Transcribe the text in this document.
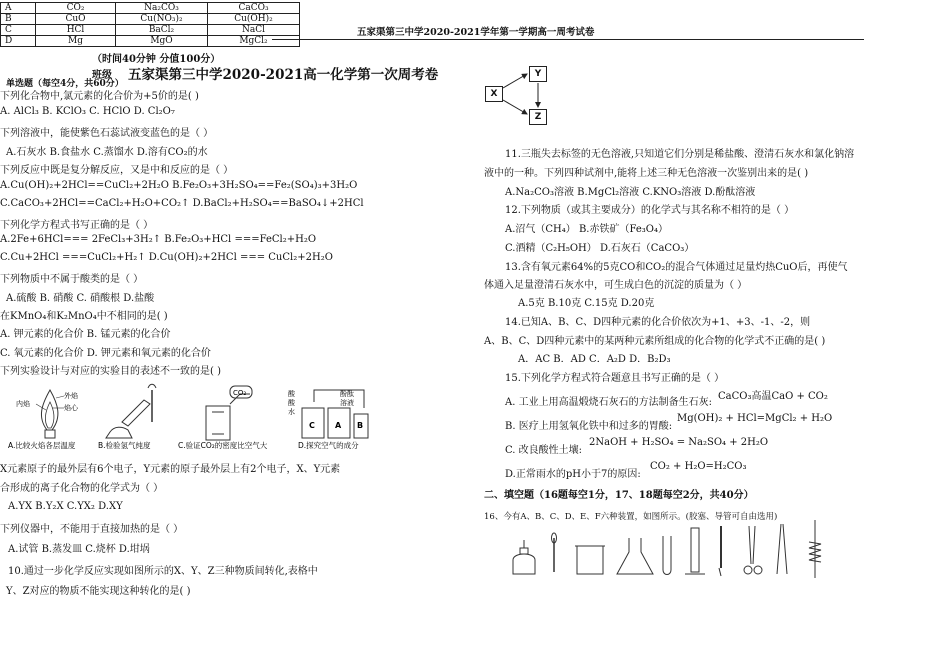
A	CO₂	Na₂CO₃	CaCO₃
B	CuO	Cu(NO₃)₂	Cu(OH)₂
C	HCl	BaCl₂	NaCl
D	Mg	MgO	MgCl₂
五家渠第三中学2020-2021学年第一学期高一周考试卷
（时间40分钟 分值100分）
班级 五家渠第三中学2020-2021高一化学第一次周考卷
单选题（每空4分，共60分）
下列化合物中,氯元素的化合价为+5价的是( )
A. AlCl₃ B. KClO₃ C. HClO D. Cl₂O₇
下列溶液中，能使紫色石蕊试液变蓝色的是（ ）
A.石灰水 B.食盐水 C.蒸馏水 D.溶有CO₂的水
下列反应中既是复分解反应，又是中和反应的是（ ）
A.Cu(OH)₂+2HCl==CuCl₂+2H₂O B.Fe₂O₃+3H₂SO₄==Fe₂(SO₄)₃+3H₂O
C.CaCO₃+2HCl==CaCl₂+H₂O+CO₂↑ D.BaCl₂+H₂SO₄==BaSO₄↓+2HCl
下列化学方程式书写正确的是（ ）
A.2Fe+6HCl=== 2FeCl₃+3H₂↑ B.Fe₂O₃+HCl ===FeCl₂+H₂O
C.Cu+2HCl ===CuCl₂+H₂↑ D.Cu(OH)₂+2HCl === CuCl₂+2H₂O
下列物质中不属于酸类的是（ ）
A.硫酸 B. 硝酸 C. 硝酸根 D.盐酸
在KMnO₄和K₂MnO₄中不相同的是( )
A. 钾元素的化合价 B. 锰元素的化合价
C. 氧元素的化合价 D. 钾元素和氧元素的化合价
下列实验设计与对应的实验目的表述不一致的是( )
外焰
焰心
内焰
CO₂
C	A B
酸
酸
水
酚酞
溶液
A.比较火焰各层温度	B.检验氢气纯度	C.验证CO₂的密度比空气大	D.探究空气的成分
X元素原子的最外层有6个电子，Y元素的原子最外层上有2个电子，X、Y元素
合形成的离子化合物的化学式为（ ）
A.YX B.Y₂X C.YX₂ D.XY
下列仪器中，不能用于直接加热的是（ ）
A.试管 B.蒸发皿 C.烧杯 D.坩埚
10.通过一步化学反应实现如图所示的X、Y、Z三种物质间转化,表格中
Y、Z对应的物质不能实现这种转化的是( )
X
Y
Z
11.三瓶失去标签的无色溶液,只知道它们分别是稀盐酸、澄清石灰水和氯化钠溶
液中的一种。下列四种试剂中,能将上述三种无色溶液一次鉴别出来的是( )
A.Na₂CO₃溶液 B.MgCl₂溶液 C.KNO₃溶液 D.酚酞溶液
12.下列物质（或其主要成分）的化学式与其名称不相符的是（ ）
A.沼气（CH₄） B.赤铁矿（Fe₃O₄）
C.酒精（C₂H₅OH） D.石灰石（CaCO₃）
13.含有氧元素64%的5克CO和CO₂的混合气体通过足量灼热CuO后，再使气
体通入足量澄清石灰水中，可生成白色的沉淀的质量为（ ）
A.5克 B.10克 C.15克 D.20克
14.已知A、B、C、D四种元素的化合价依次为+1、+3、-1、-2，则
A、B、C、D四种元素中的某两种元素所组成的化合物的化学式不正确的是( )
A．AC B．AD C．A₂D D．B₂D₃
15.下列化学方程式符合题意且书写正确的是（ ）
A. 工业上用高温煅烧石灰石的方法制备生石灰:
B. 医疗上用氢氧化铁中和过多的胃酸:
C. 改良酸性土壤:
D.正常雨水的pH小于7的原因:
CaCO₃高温CaO + CO₂
Mg(OH)₂ + HCl=MgCl₂ + H₂O
2NaOH + H₂SO₄ = Na₂SO₄ + 2H₂O
CO₂ + H₂O=H₂CO₃
二、填空题（16题每空1分，17、18题每空2分，共40分）
16、今有A、B、C、D、E、F六种装置，如图所示。(胶塞、导管可自由选用)
